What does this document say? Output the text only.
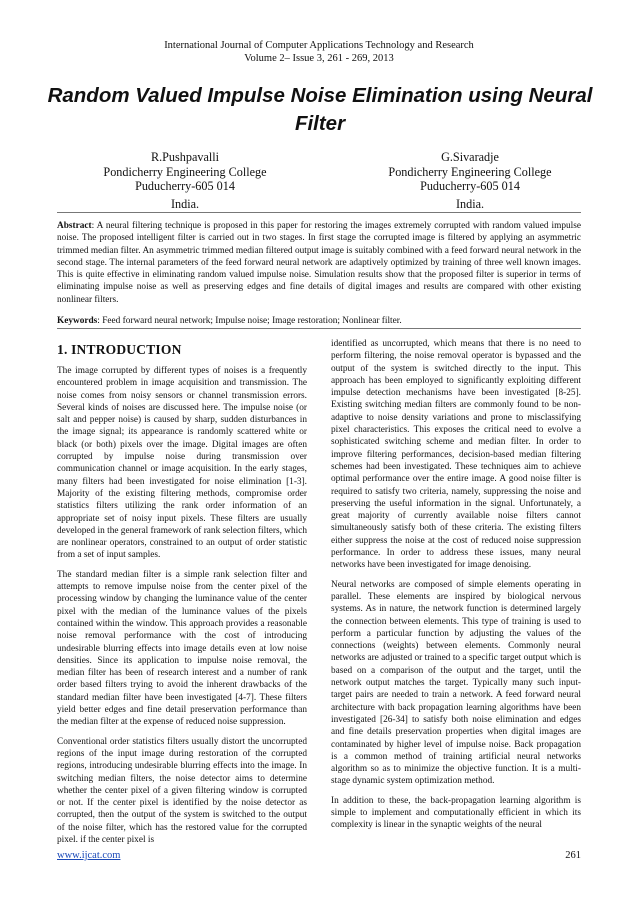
International Journal of Computer Applications Technology and Research
Volume 2– Issue 3, 261 - 269, 2013
Random Valued Impulse Noise Elimination using Neural
Filter
R.Pushpavalli
Pondicherry Engineering College
Puducherry-605 014
India.
G.Sivaradje
Pondicherry Engineering College
Puducherry-605 014
India.
Abstract: A neural filtering technique is proposed in this paper for restoring the images extremely corrupted with random valued impulse noise. The proposed intelligent filter is carried out in two stages. In first stage the corrupted image is filtered by applying an asymmetric trimmed median filter. An asymmetric trimmed median filtered output image is suitably combined with a feed forward neural network in the second stage. The internal parameters of the feed forward neural network are adaptively optimized by training of three well known images. This is quite effective in eliminating random valued impulse noise. Simulation results show that the proposed filter is superior in terms of eliminating impulse noise as well as preserving edges and fine details of digital images and results are compared with other existing nonlinear filters.
Keywords: Feed forward neural network; Impulse noise; Image restoration; Nonlinear filter.
1. INTRODUCTION

The image corrupted by different types of noises is a frequently encountered problem in image acquisition and transmission. The noise comes from noisy sensors or channel transmission errors. Several kinds of noises are discussed here. The impulse noise (or salt and pepper noise) is caused by sharp, sudden disturbances in the image signal; its appearance is randomly scattered white or black (or both) pixels over the image. Digital images are often corrupted by impulse noise during transmission over communication channel or image acquisition. In the early stages, many filters had been investigated for noise elimination [1-3]. Majority of the existing filtering methods, compromise order statistics filters utilizing the rank order information of an appropriate set of noisy input pixels. These filters are usually developed in the general framework of rank selection filters, which are nonlinear operators, constrained to an output of order statistic from a set of input samples.

The standard median filter is a simple rank selection filter and attempts to remove impulse noise from the center pixel of the processing window by changing the luminance value of the center pixel with the median of the luminance values of the pixels contained within the window. This approach provides a reasonable noise removal performance with the cost of introducing undesirable blurring effects into image details even at low noise densities. Since its application to impulse noise removal, the median filter has been of research interest and a number of rank order based filters trying to avoid the inherent drawbacks of the standard median filter have been investigated [4-7]. These filters yield better edges and fine detail preservation performance than the median filter at the expense of reduced noise suppression.

Conventional order statistics filters usually distort the uncorrupted regions of the input image during restoration of the corrupted regions, introducing undesirable blurring effects into the image. In switching median filters, the noise detector aims to determine whether the center pixel of a given filtering window is corrupted or not. If the center pixel is identified by the noise detector as corrupted, then the output of the system is switched to the output of the noise filter, which has the restored value for the corrupted pixel. if the center pixel is

identified as uncorrupted, which means that there is no need to perform filtering, the noise removal operator is bypassed and the output of the system is switched directly to the input. This approach has been employed to significantly exploiting different impulse detection mechanisms have been investigated [8-25]. Existing switching median filters are commonly found to be non-adaptive to noise density variations and prone to misclassifying pixel characteristics. This exposes the critical need to evolve a sophisticated switching scheme and median filter. In order to improve filtering performances, decision-based median filtering schemes had been investigated. These techniques aim to achieve optimal performance over the entire image. A good noise filter is required to satisfy two criteria, namely, suppressing the noise and preserving the useful information in the signal. Unfortunately, a great majority of currently available noise filters cannot simultaneously satisfy both of these criteria. The existing filters either suppress the noise at the cost of reduced noise suppression performance. In order to address these issues, many neural networks have been investigated for image denoising.

Neural networks are composed of simple elements operating in parallel. These elements are inspired by biological nervous systems. As in nature, the network function is determined largely the connection between elements. This type of training is used to perform a particular function by adjusting the values of the connections (weights) between elements. Commonly neural networks are adjusted or trained to a specific target output which is based on a comparison of the output and the target, until the network output matches the target. Typically many such input-target pairs are needed to train a network. A feed forward neural architecture with back propagation learning algorithms have been investigated [26-34] to satisfy both noise elimination and edges and fine details preservation properties when digital images are contaminated by higher level of impulse noise. Back propagation is a common method of training artificial neural networks algorithm so as to minimize the objective function. It is a multi-stage dynamic system optimization method.

In addition to these, the back-propagation learning algorithm is simple to implement and computationally efficient in which its complexity is linear in the synaptic weights of the neural

www.ijcat.com	261
